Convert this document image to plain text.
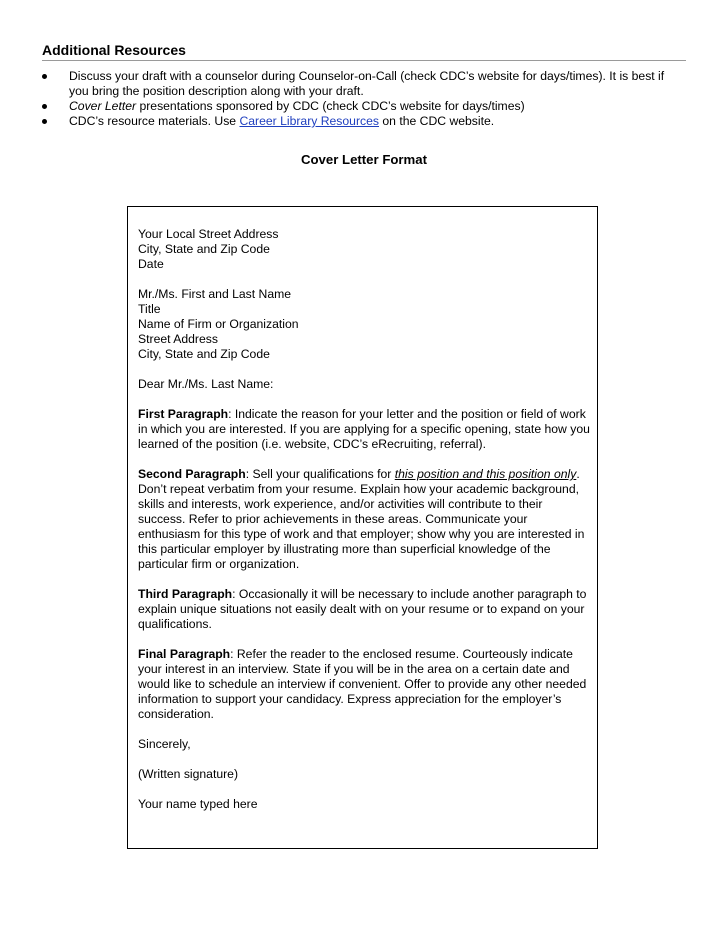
Additional Resources
Discuss your draft with a counselor during Counselor-on-Call (check CDC’s website for days/times). It is best if you bring the position description along with your draft.
Cover Letter presentations sponsored by CDC (check CDC’s website for days/times)
CDC’s resource materials. Use Career Library Resources on the CDC website.
Cover Letter Format

Your Local Street Address
City, State and Zip Code
Date

Mr./Ms. First and Last Name
Title
Name of Firm or Organization
Street Address
City, State and Zip Code

Dear Mr./Ms. Last Name:

First Paragraph: Indicate the reason for your letter and the position or field of work in which you are interested. If you are applying for a specific opening, state how you learned of the position (i.e. website, CDC’s eRecruiting, referral).

Second Paragraph: Sell your qualifications for this position and this position only. Don’t repeat verbatim from your resume. Explain how your academic background, skills and interests, work experience, and/or activities will contribute to their success. Refer to prior achievements in these areas. Communicate your enthusiasm for this type of work and that employer; show why you are interested in this particular employer by illustrating more than superficial knowledge of the particular firm or organization.

Third Paragraph: Occasionally it will be necessary to include another paragraph to explain unique situations not easily dealt with on your resume or to expand on your qualifications.

Final Paragraph: Refer the reader to the enclosed resume. Courteously indicate your interest in an interview. State if you will be in the area on a certain date and would like to schedule an interview if convenient. Offer to provide any other needed information to support your candidacy. Express appreciation for the employer’s consideration.

Sincerely,

(Written signature)

Your name typed here
